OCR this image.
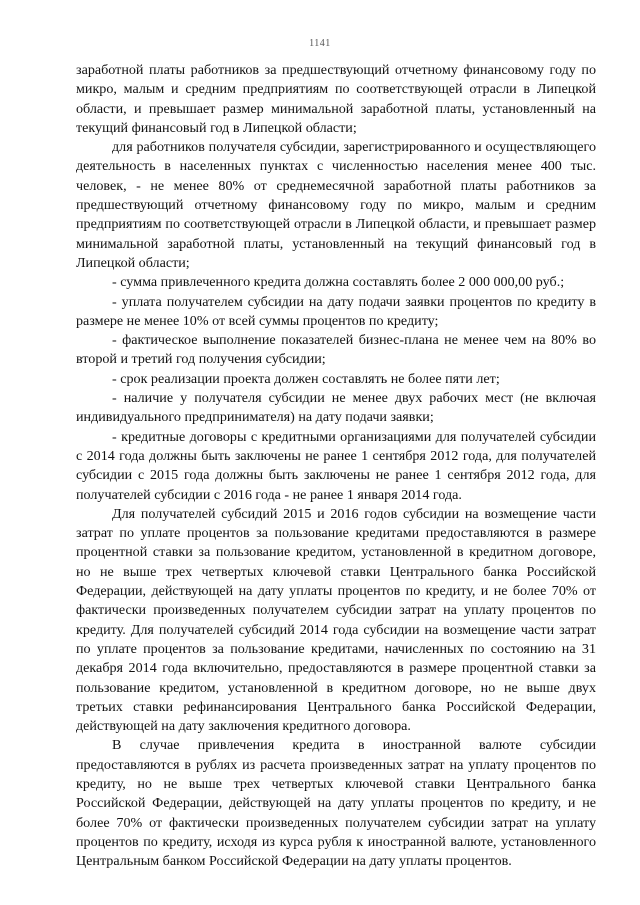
1141

заработной платы работников за предшествующий отчетному финансовому году по микро, малым и средним предприятиям по соответствующей отрасли в Липецкой области, и превышает размер минимальной заработной платы, установленный на текущий финансовый год в Липецкой области;

для работников получателя субсидии, зарегистрированного и осуществляющего деятельность в населенных пунктах с численностью населения менее 400 тыс. человек, - не менее 80% от среднемесячной заработной платы работников за предшествующий отчетному финансовому году по микро, малым и средним предприятиям по соответствующей отрасли в Липецкой области, и превышает размер минимальной заработной платы, установленный на текущий финансовый год в Липецкой области;

- сумма привлеченного кредита должна составлять более 2 000 000,00 руб.;

- уплата получателем субсидии на дату подачи заявки процентов по кредиту в размере не менее 10% от всей суммы процентов по кредиту;

- фактическое выполнение показателей бизнес-плана не менее чем на 80% во второй и третий год получения субсидии;

- срок реализации проекта должен составлять не более пяти лет;

- наличие у получателя субсидии не менее двух рабочих мест (не включая индивидуального предпринимателя) на дату подачи заявки;

- кредитные договоры с кредитными организациями для получателей субсидии с 2014 года должны быть заключены не ранее 1 сентября 2012 года, для получателей субсидии с 2015 года должны быть заключены не ранее 1 сентября 2012 года, для получателей субсидии с 2016 года - не ранее 1 января 2014 года.

Для получателей субсидий 2015 и 2016 годов субсидии на возмещение части затрат по уплате процентов за пользование кредитами предоставляются в размере процентной ставки за пользование кредитом, установленной в кредитном договоре, но не выше трех четвертых ключевой ставки Центрального банка Российской Федерации, действующей на дату уплаты процентов по кредиту, и не более 70% от фактически произведенных получателем субсидии затрат на уплату процентов по кредиту. Для получателей субсидий 2014 года субсидии на возмещение части затрат по уплате процентов за пользование кредитами, начисленных по состоянию на 31 декабря 2014 года включительно, предоставляются в размере процентной ставки за пользование кредитом, установленной в кредитном договоре, но не выше двух третьих ставки рефинансирования Центрального банка Российской Федерации, действующей на дату заключения кредитного договора.

В случае привлечения кредита в иностранной валюте субсидии предоставляются в рублях из расчета произведенных затрат на уплату процентов по кредиту, но не выше трех четвертых ключевой ставки Центрального банка Российской Федерации, действующей на дату уплаты процентов по кредиту, и не более 70% от фактически произведенных получателем субсидии затрат на уплату процентов по кредиту, исходя из курса рубля к иностранной валюте, установленного Центральным банком Российской Федерации на дату уплаты процентов.
